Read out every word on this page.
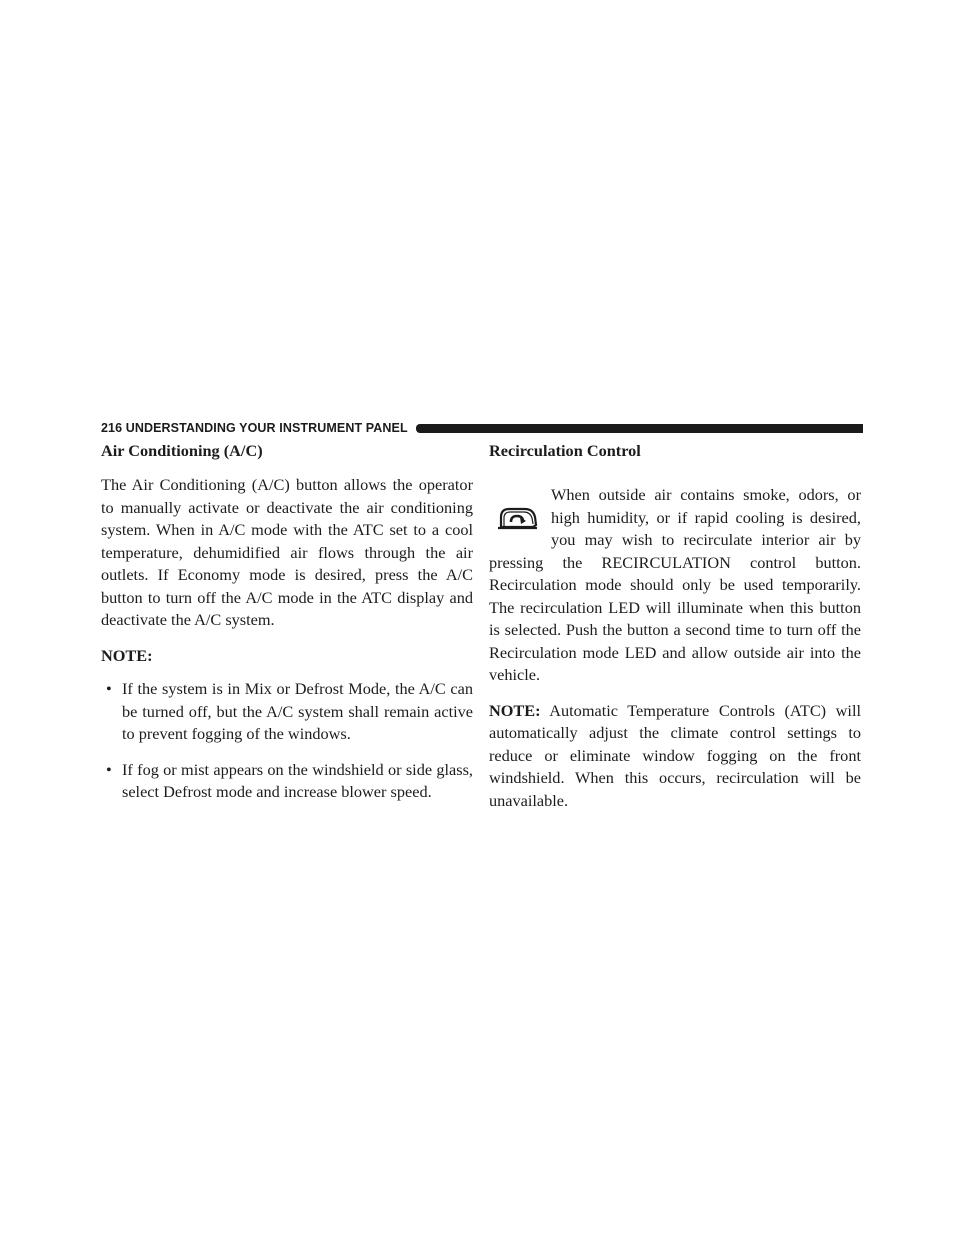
216 UNDERSTANDING YOUR INSTRUMENT PANEL
Air Conditioning (A/C)

The Air Conditioning (A/C) button allows the operator to manually activate or deactivate the air conditioning system. When in A/C mode with the ATC set to a cool temperature, dehumidified air flows through the air outlets. If Economy mode is desired, press the A/C button to turn off the A/C mode in the ATC display and deactivate the A/C system.

NOTE:
• If the system is in Mix or Defrost Mode, the A/C can be turned off, but the A/C system shall remain active to prevent fogging of the windows.
• If fog or mist appears on the windshield or side glass, select Defrost mode and increase blower speed.
Recirculation Control

When outside air contains smoke, odors, or high humidity, or if rapid cooling is desired, you may wish to recirculate interior air by pressing the RECIRCULATION control button. Recirculation mode should only be used temporarily. The recirculation LED will illuminate when this button is selected. Push the button a second time to turn off the Recirculation mode LED and allow outside air into the vehicle.

NOTE: Automatic Temperature Controls (ATC) will automatically adjust the climate control settings to reduce or eliminate window fogging on the front windshield. When this occurs, recirculation will be unavailable.
